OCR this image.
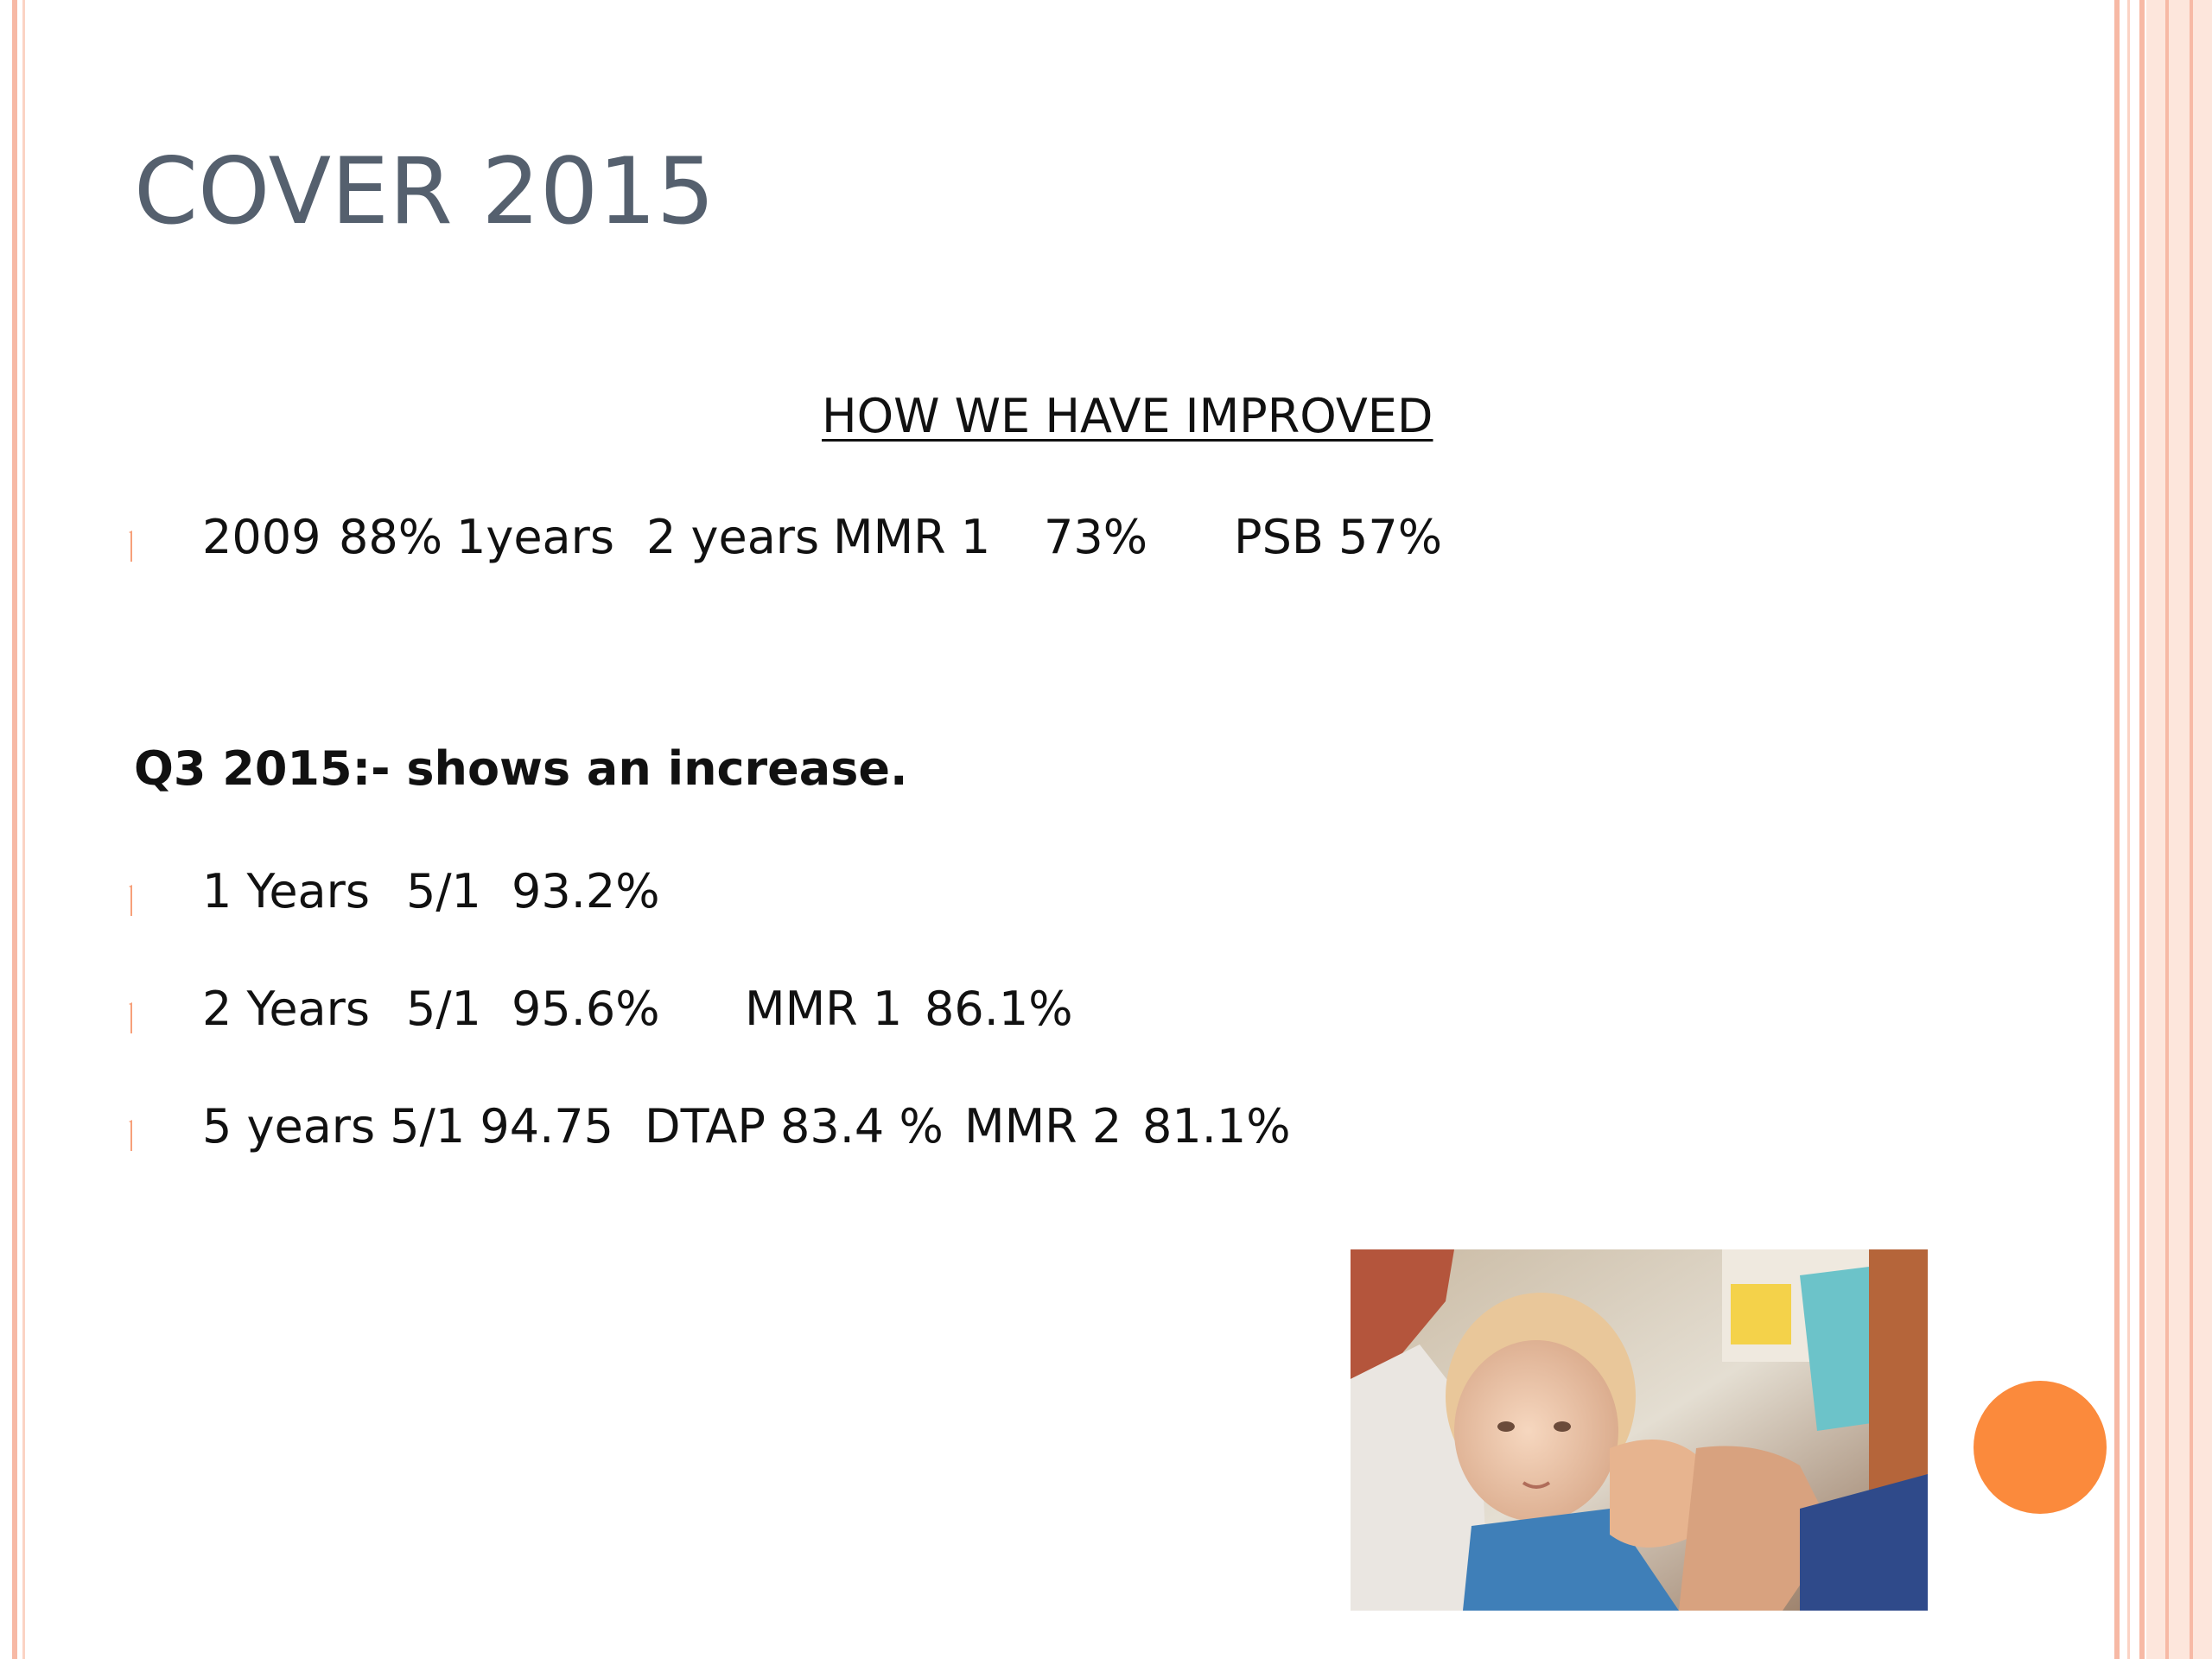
COVER 2015
HOW WE HAVE IMPROVED
2009 88% 1years 2 years MMR 1 73% PSB 57%
Q3 2015:- shows an increase.
1 Years 5/1 93.2%
2 Years 5/1 95.6% MMR 1 86.1%
5 years 5/1 94.75 DTAP 83.4 % MMR 2 81.1%
